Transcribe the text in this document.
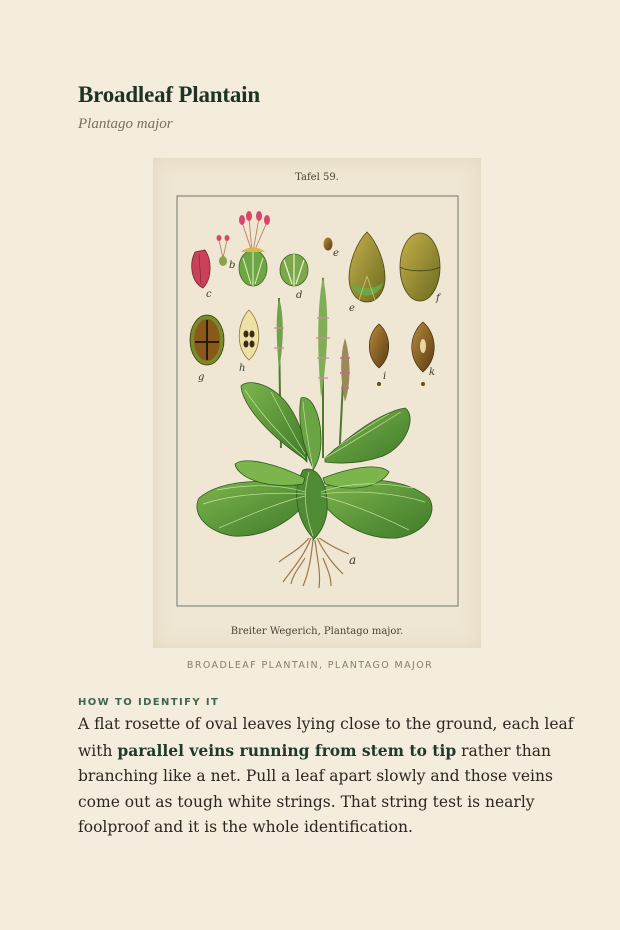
Broadleaf Plantain

Plantago major

Tafel 59.
Breiter Wegerich, Plantago major.
b
c	d
e
e
f
g
h
i	k
a
BROADLEAF PLANTAIN, PLANTAGO MAJOR
HOW TO IDENTIFY IT

A flat rosette of oval leaves lying close to the ground, each leaf with parallel veins running from stem to tip rather than branching like a net. Pull a leaf apart slowly and those veins come out as tough white strings. That string test is nearly foolproof and it is the whole identification.
